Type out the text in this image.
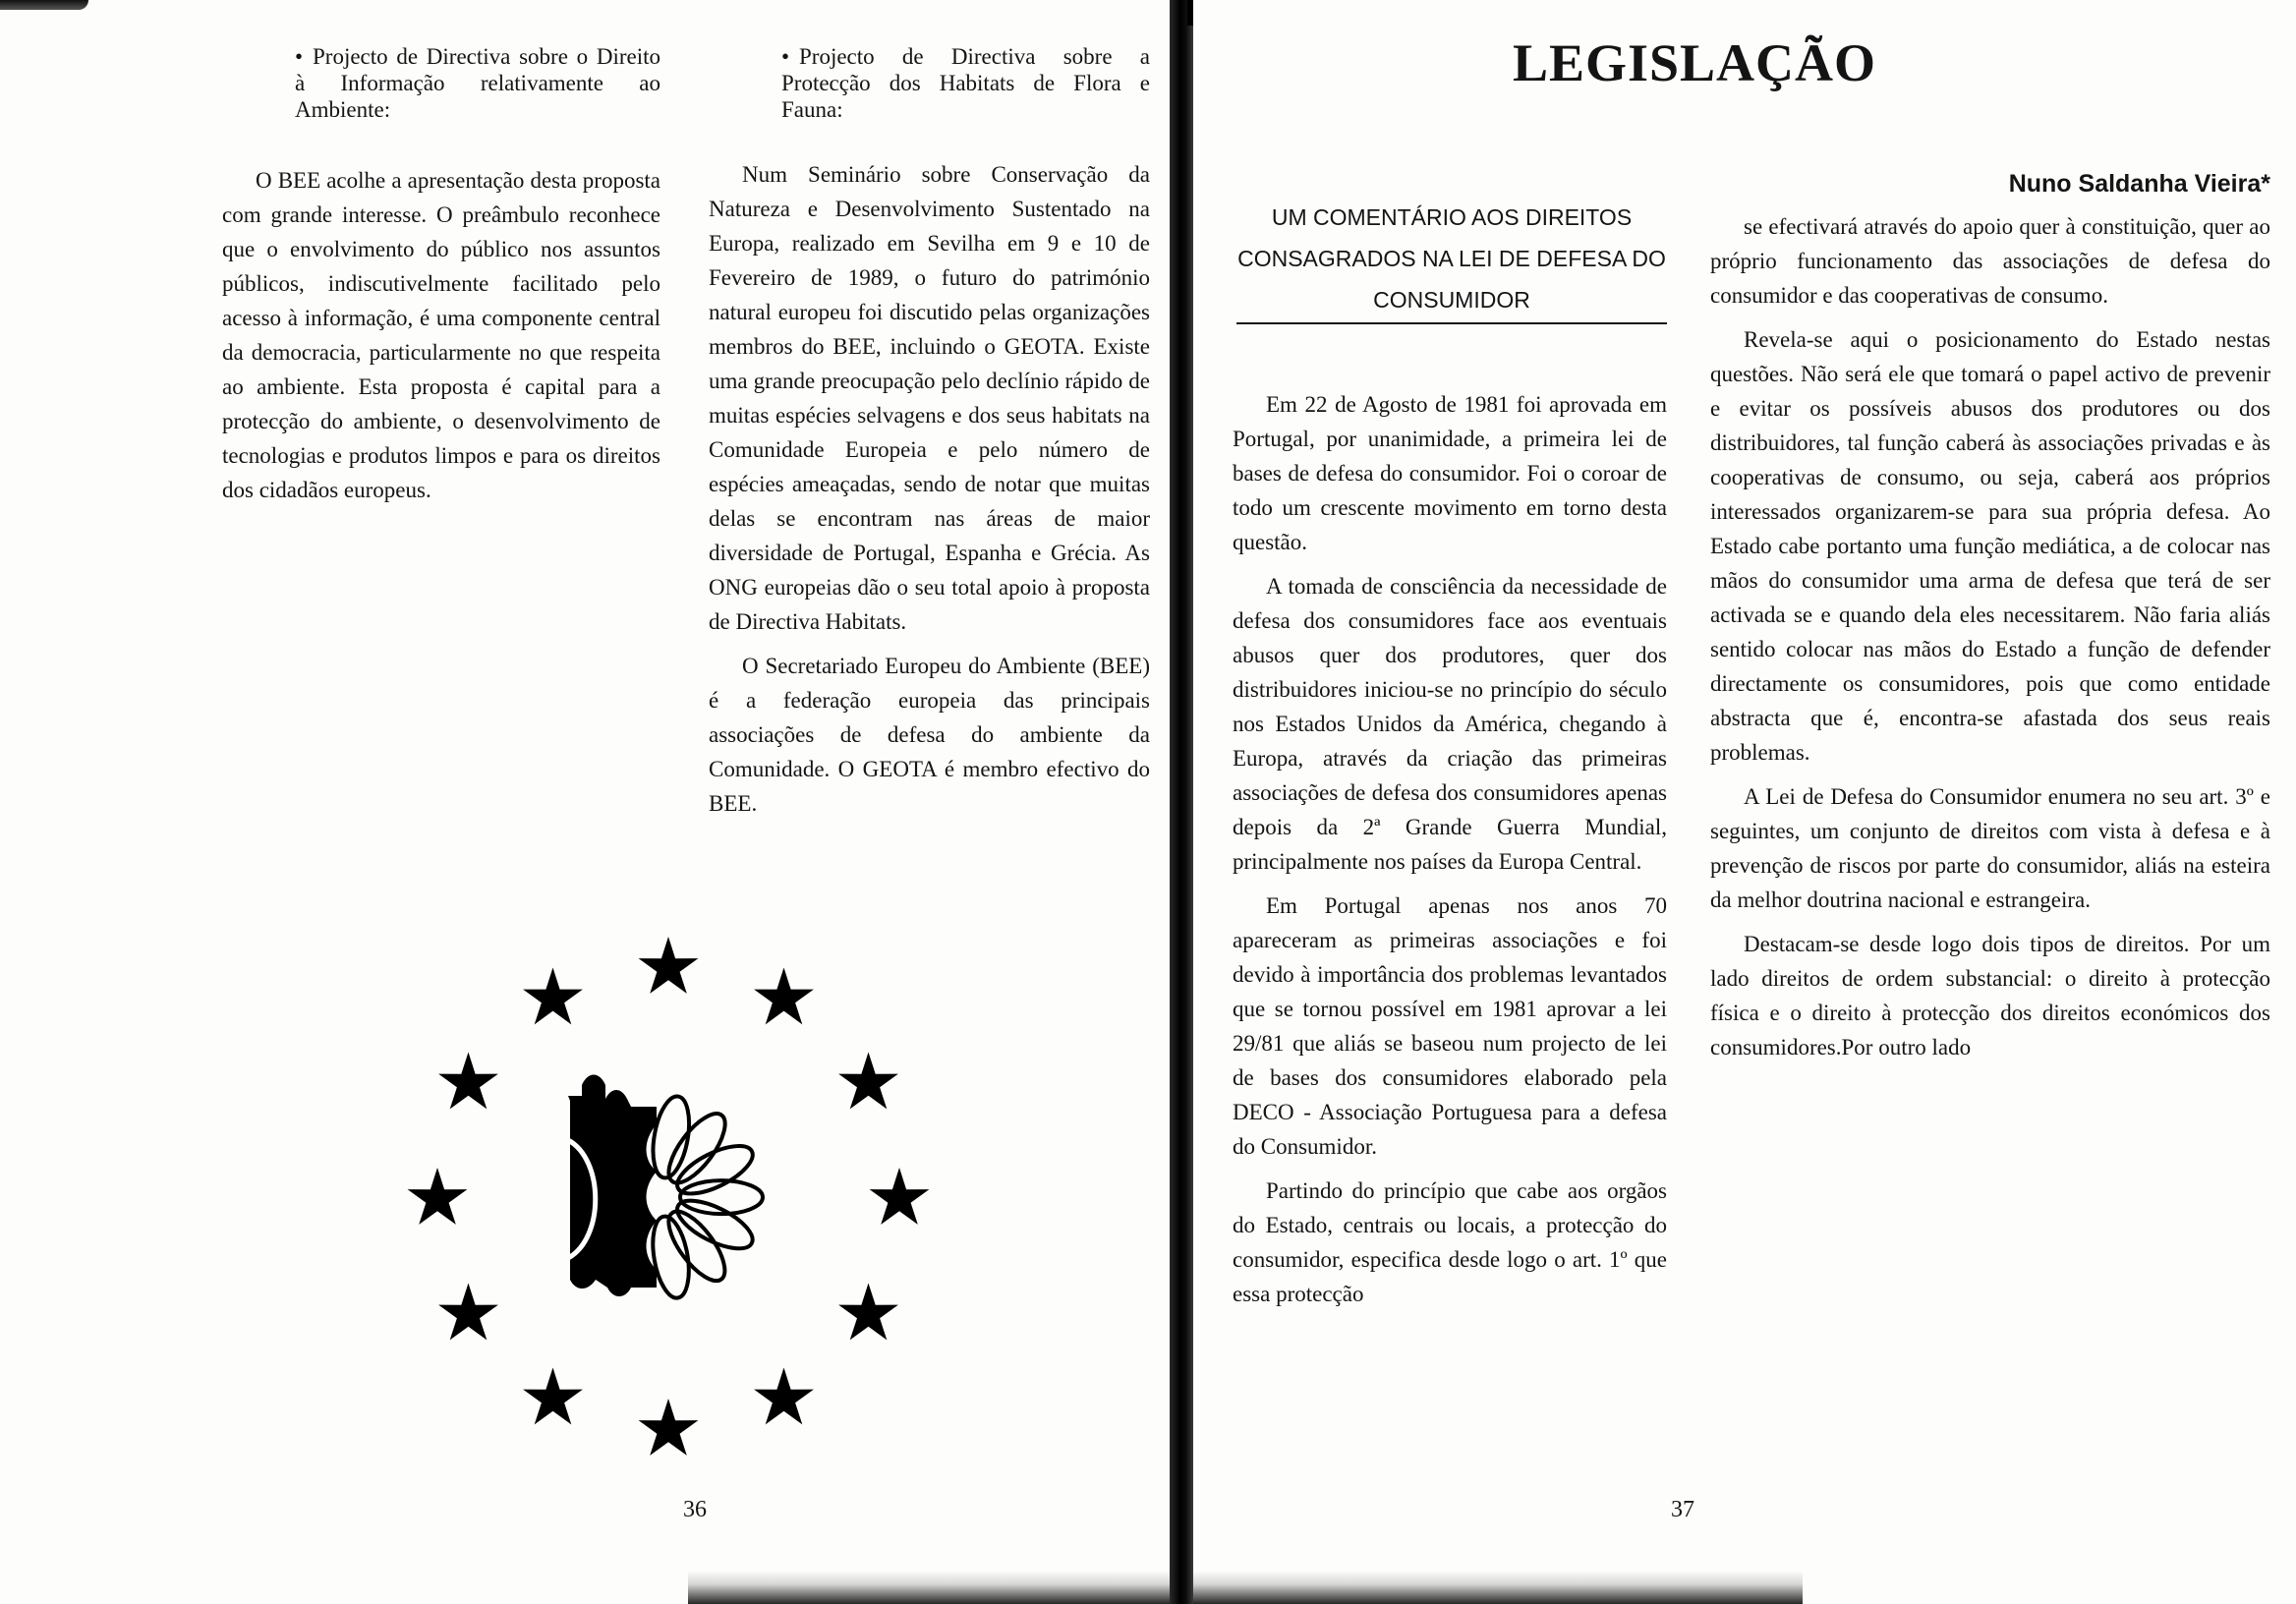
• Projecto de Directiva sobre o Direito à Informação relativamente ao Ambiente:
• Projecto de Directiva sobre a Protecção dos Habitats de Flora e Fauna:

O BEE acolhe a apresentação desta proposta com grande interesse. O preâmbulo reconhece que o envolvimento do público nos assuntos públicos, indiscutivelmente facilitado pelo acesso à informação, é uma componente central da democracia, particularmente no que respeita ao ambiente. Esta proposta é capital para a protecção do ambiente, o desenvolvimento de tecnologias e produtos limpos e para os direitos dos cidadãos europeus.

Num Seminário sobre Conservação da Natureza e Desenvolvimento Sustentado na Europa, realizado em Sevilha em 9 e 10 de Fevereiro de 1989, o futuro do património natural europeu foi discutido pelas organizações membros do BEE, incluindo o GEOTA. Existe uma grande preocupação pelo declínio rápido de muitas espécies selvagens e dos seus habitats na Comunidade Europeia e pelo número de espécies ameaçadas, sendo de notar que muitas delas se encontram nas áreas de maior diversidade de Portugal, Espanha e Grécia. As ONG europeias dão o seu total apoio à proposta de Directiva Habitats.

O Secretariado Europeu do Ambiente (BEE) é a federação europeia das principais associações de defesa do ambiente da Comunidade. O GEOTA é membro efectivo do BEE.

36
LEGISLAÇÃO
Nuno Saldanha Vieira*
UM COMENTÁRIO AOS DIREITOS CONSAGRADOS NA LEI DE DEFESA DO CONSUMIDOR

Em 22 de Agosto de 1981 foi aprovada em Portugal, por unanimidade, a primeira lei de bases de defesa do consumidor. Foi o coroar de todo um crescente movimento em torno desta questão.

A tomada de consciência da necessidade de defesa dos consumidores face aos eventuais abusos quer dos produtores, quer dos distribuidores iniciou-se no princípio do século nos Estados Unidos da América, chegando à Europa, através da criação das primeiras associações de defesa dos consumidores apenas depois da 2ª Grande Guerra Mundial, principalmente nos países da Europa Central.

Em Portugal apenas nos anos 70 apareceram as primeiras associações e foi devido à importância dos problemas levantados que se tornou possível em 1981 aprovar a lei 29/81 que aliás se baseou num projecto de lei de bases dos consumidores elaborado pela DECO - Associação Portuguesa para a defesa do Consumidor.

Partindo do princípio que cabe aos orgãos do Estado, centrais ou locais, a protecção do consumidor, especifica desde logo o art. 1º que essa protecção

se efectivará através do apoio quer à constituição, quer ao próprio funcionamento das associações de defesa do consumidor e das cooperativas de consumo.

Revela-se aqui o posicionamento do Estado nestas questões. Não será ele que tomará o papel activo de prevenir e evitar os possíveis abusos dos produtores ou dos distribuidores, tal função caberá às associações privadas e às cooperativas de consumo, ou seja, caberá aos próprios interessados organizarem-se para sua própria defesa. Ao Estado cabe portanto uma função mediática, a de colocar nas mãos do consumidor uma arma de defesa que terá de ser activada se e quando dela eles necessitarem. Não faria aliás sentido colocar nas mãos do Estado a função de defender directamente os consumidores, pois que como entidade abstracta que é, encontra-se afastada dos seus reais problemas.

A Lei de Defesa do Consumidor enumera no seu art. 3º e seguintes, um conjunto de direitos com vista à defesa e à prevenção de riscos por parte do consumidor, aliás na esteira da melhor doutrina nacional e estrangeira.

Destacam-se desde logo dois tipos de direitos. Por um lado direitos de ordem substancial: o direito à protecção física e o direito à protecção dos direitos económicos dos consumidores.Por outro lado

37
